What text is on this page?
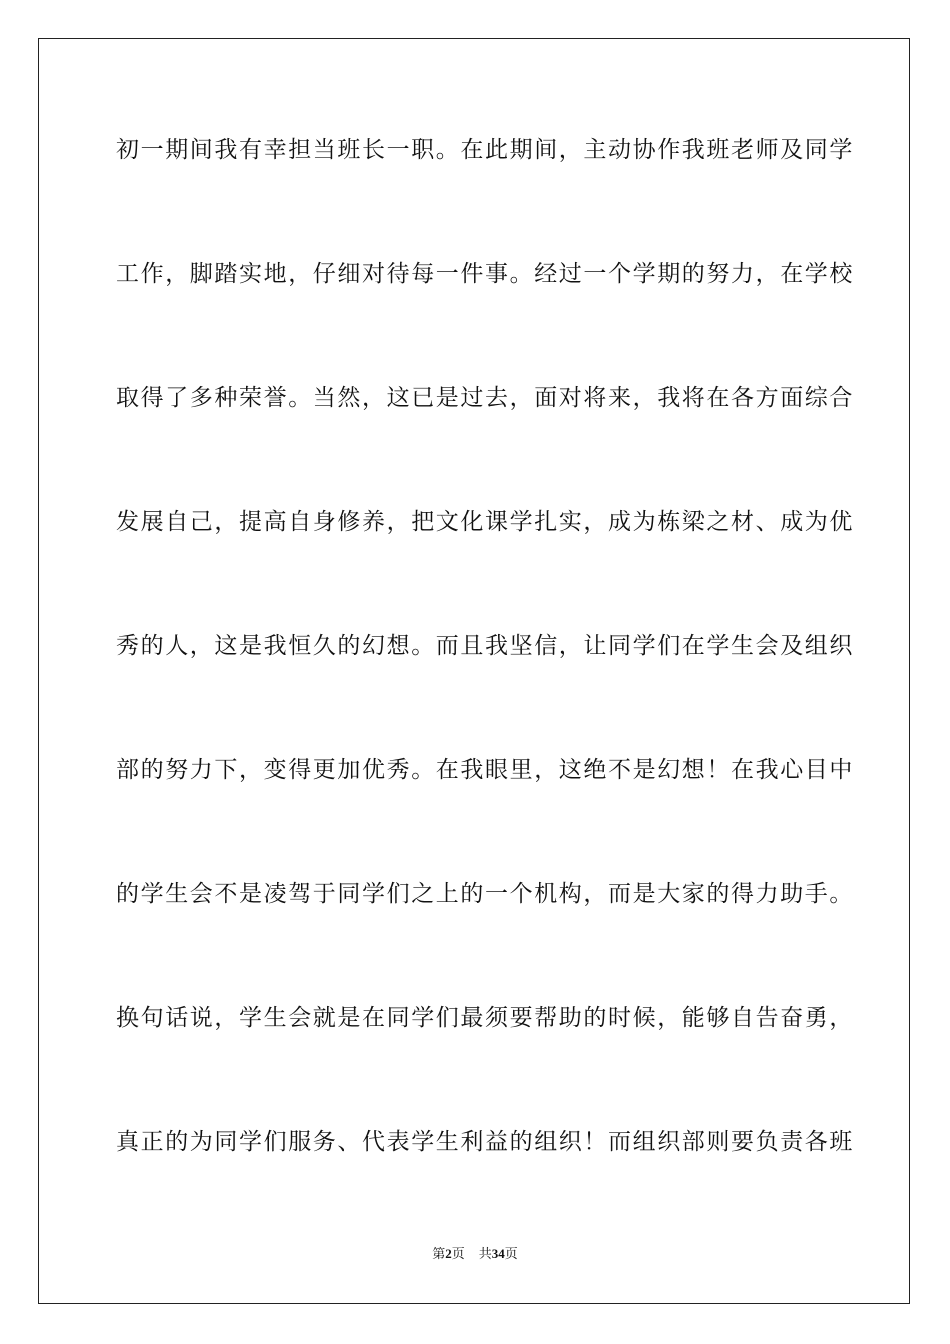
初一期间我有幸担当班长一职。在此期间，主动协作我班老师及同学
工作，脚踏实地，仔细对待每一件事。经过一个学期的努力，在学校
取得了多种荣誉。当然，这已是过去，面对将来，我将在各方面综合
发展自己，提高自身修养，把文化课学扎实，成为栋梁之材、成为优
秀的人，这是我恒久的幻想。而且我坚信，让同学们在学生会及组织
部的努力下，变得更加优秀。在我眼里，这绝不是幻想！在我心目中
的学生会不是凌驾于同学们之上的一个机构，而是大家的得力助手。
换句话说，学生会就是在同学们最须要帮助的时候，能够自告奋勇，
真正的为同学们服务、代表学生利益的组织！而组织部则要负责各班
第2页 共34页
